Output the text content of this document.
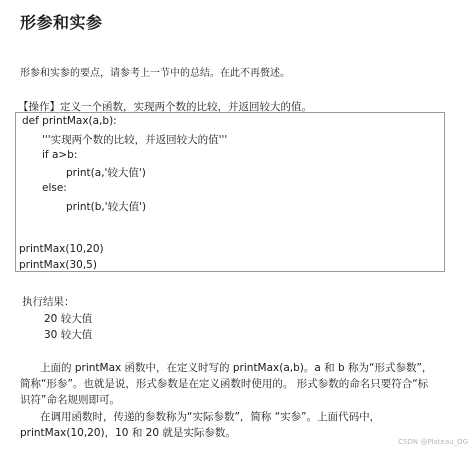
形参和实参
形参和实参的要点，请参考上一节中的总结。在此不再赘述。
【操作】定义一个函数，实现两个数的比较，并返回较大的值。
def printMax(a,b):
'''实现两个数的比较，并返回较大的值'''
if a>b:
print(a,'较大值')
else:
print(b,'较大值')
printMax(10,20)
printMax(30,5)
执行结果：
20 较大值
30 较大值
上面的 printMax 函数中，在定义时写的 printMax(a,b)。a 和 b 称为“形式参数”，
简称“形参”。也就是说，形式参数是在定义函数时使用的。 形式参数的命名只要符合“标
识符”命名规则即可。
在调用函数时，传递的参数称为“实际参数”，简称 “实参”。上面代码中，
printMax(10,20)，10 和 20 就是实际参数。
CSDN @Plateau_OG
